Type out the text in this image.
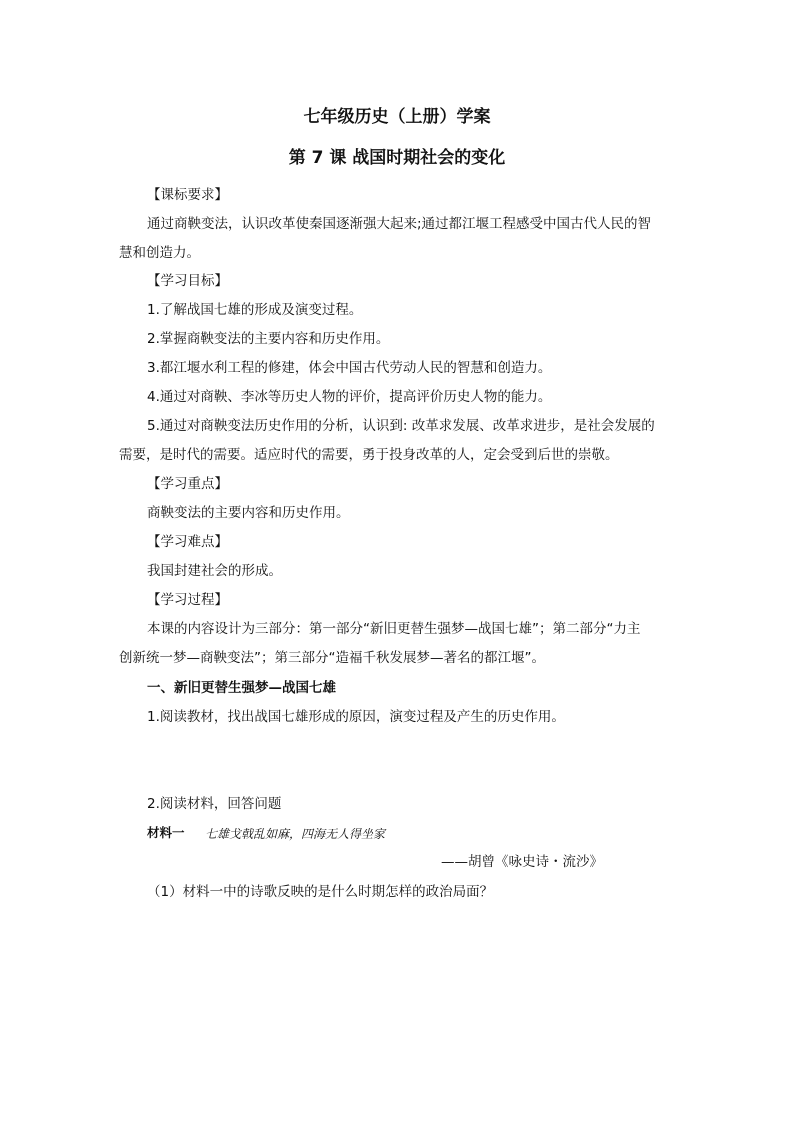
七年级历史（上册）学案
第 7 课 战国时期社会的变化
【课标要求】
通过商鞅变法，认识改革使秦国逐渐强大起来;通过都江堰工程感受中国古代人民的智
慧和创造力。
【学习目标】
1.了解战国七雄的形成及演变过程。
2.掌握商鞅变法的主要内容和历史作用。
3.都江堰水利工程的修建，体会中国古代劳动人民的智慧和创造力。
4.通过对商鞅、李冰等历史人物的评价，提高评价历史人物的能力。
5.通过对商鞅变法历史作用的分析，认识到: 改革求发展、改革求进步，是社会发展的
需要，是时代的需要。适应时代的需要，勇于投身改革的人，定会受到后世的崇敬。
【学习重点】
商鞅变法的主要内容和历史作用。
【学习难点】
我国封建社会的形成。
【学习过程】
本课的内容设计为三部分：第一部分“新旧更替生强梦—战国七雄”；第二部分“力主
创新统一梦—商鞅变法”；第三部分“造福千秋发展梦—著名的都江堰”。
一、新旧更替生强梦—战国七雄
1.阅读教材，找出战国七雄形成的原因，演变过程及产生的历史作用。
2.阅读材料，回答问题
材料一 七雄戈戟乱如麻，四海无人得坐家
——胡曾《咏史诗・流沙》
（1）材料一中的诗歌反映的是什么时期怎样的政治局面？
